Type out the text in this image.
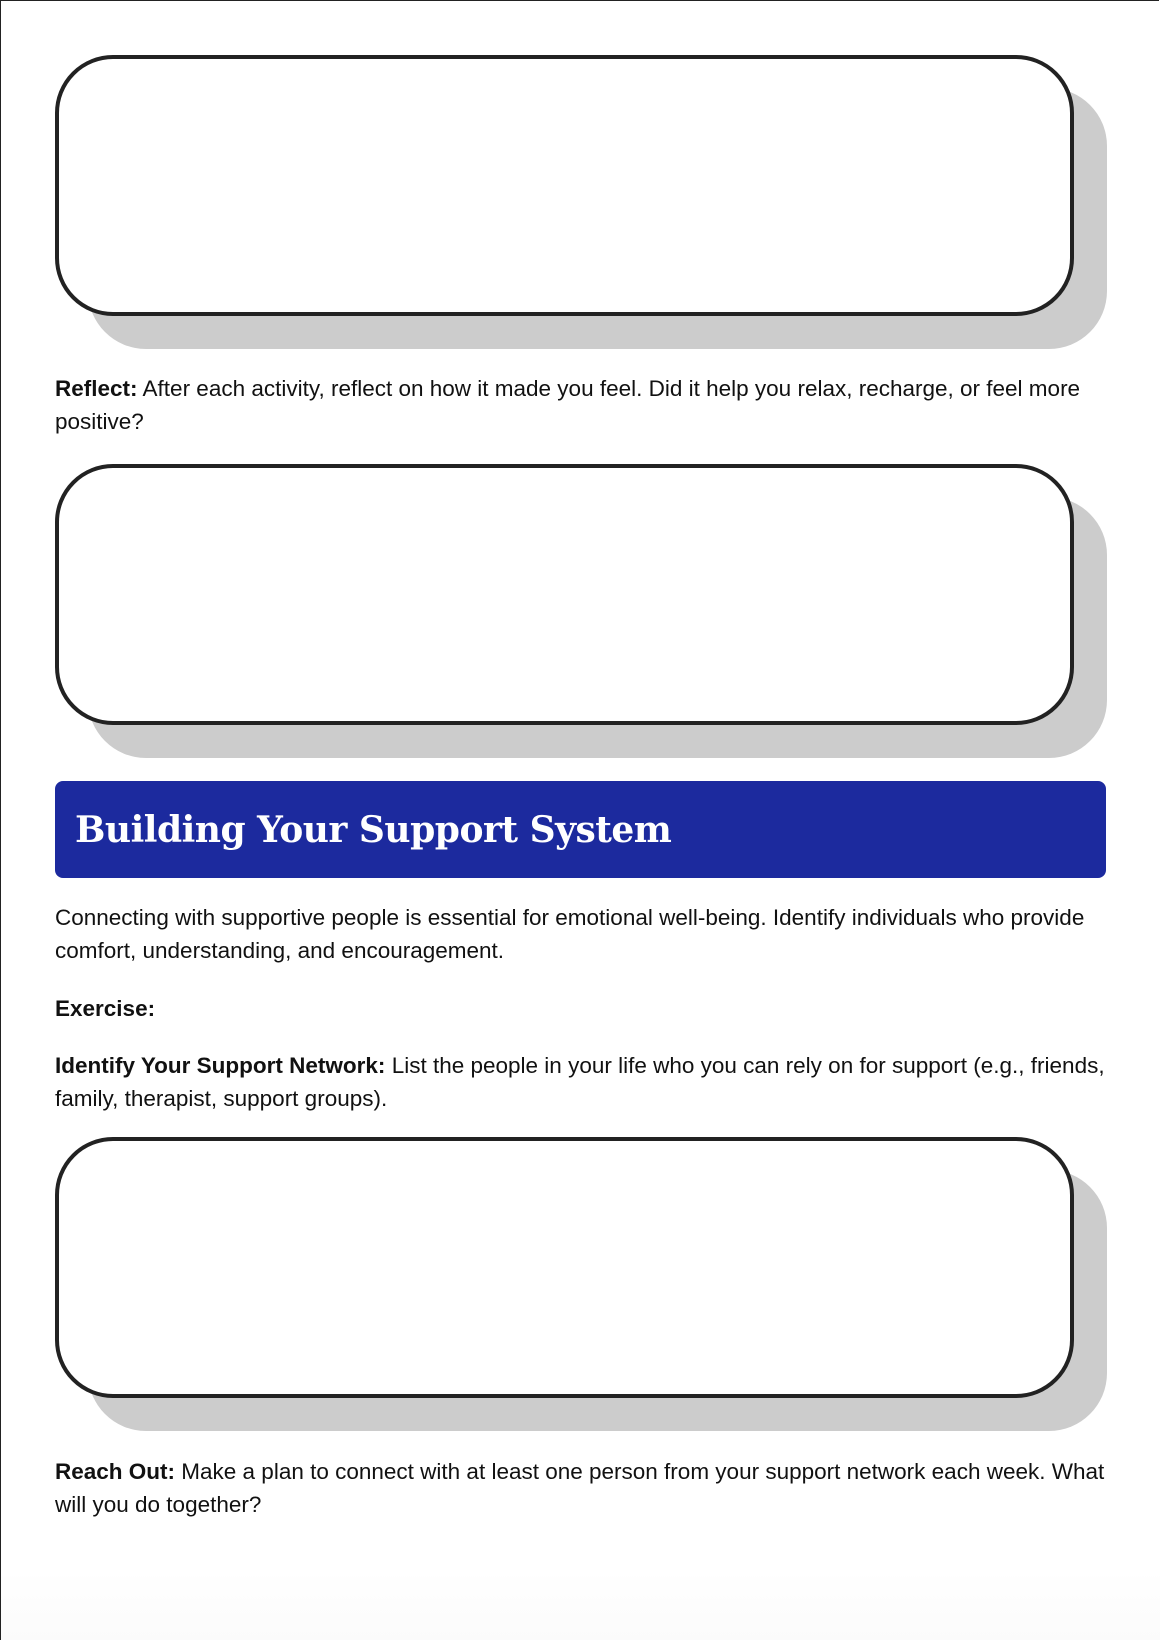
Reflect: After each activity, reflect on how it made you feel. Did it help you relax, recharge, or feel more positive?

Building Your Support System

Connecting with supportive people is essential for emotional well-being. Identify individuals who provide comfort, understanding, and encouragement.

Exercise:

Identify Your Support Network: List the people in your life who you can rely on for support (e.g., friends, family, therapist, support groups).

Reach Out: Make a plan to connect with at least one person from your support network each week. What will you do together?
